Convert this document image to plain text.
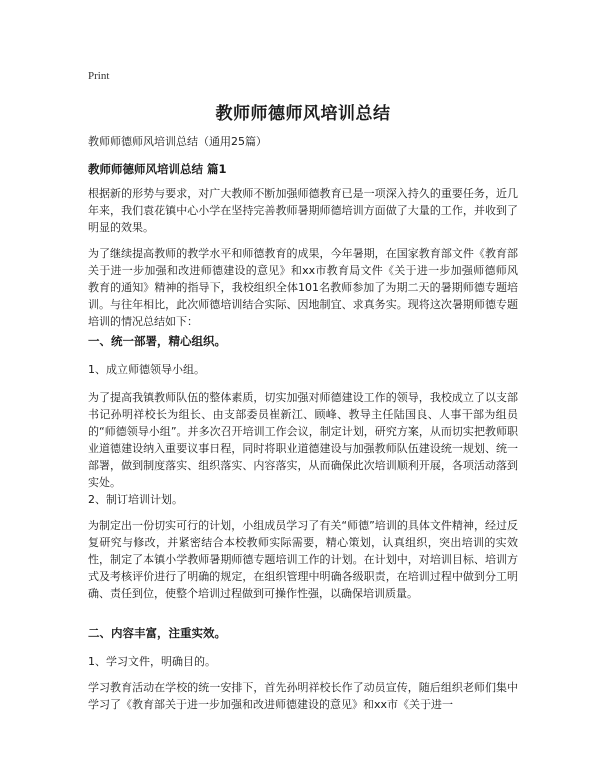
Print
教师师德师风培训总结
教师师德师风培训总结（通用25篇）
教师师德师风培训总结 篇1

根据新的形势与要求，对广大教师不断加强师德教育已是一项深入持久的重要任务，近几年来，我们袁花镇中心小学在坚持完善教师暑期师德培训方面做了大量的工作，并收到了明显的效果。

为了继续提高教师的教学水平和师德教育的成果，今年暑期，在国家教育部文件《教育部关于进一步加强和改进师德建设的意见》和xx市教育局文件《关于进一步加强师德师风教育的通知》精神的指导下，我校组织全体101名教师参加了为期二天的暑期师德专题培训。与往年相比，此次师德培训结合实际、因地制宜、求真务实。现将这次暑期师德专题培训的情况总结如下：

一、统一部署，精心组织。
1、成立师德领导小组。

为了提高我镇教师队伍的整体素质，切实加强对师德建设工作的领导，我校成立了以支部书记孙明祥校长为组长、由支部委员崔新江、顾峰、教导主任陆国良、人事干部为组员的“师德领导小组”。并多次召开培训工作会议，制定计划，研究方案，从而切实把教师职业道德建设纳入重要议事日程，同时将职业道德建设与加强教师队伍建设统一规划、统一部署，做到制度落实、组织落实、内容落实，从而确保此次培训顺利开展，各项活动落到实处。

2、制订培训计划。

为制定出一份切实可行的计划，小组成员学习了有关“师德”培训的具体文件精神，经过反复研究与修改，并紧密结合本校教师实际需要，精心策划，认真组织，突出培训的实效性，制定了本镇小学教师暑期师德专题培训工作的计划。在计划中，对培训目标、培训方式及考核评价进行了明确的规定，在组织管理中明确各级职责，在培训过程中做到分工明确、责任到位，使整个培训过程做到可操作性强，以确保培训质量。

二、内容丰富，注重实效。
1、学习文件，明确目的。

学习教育活动在学校的统一安排下，首先孙明祥校长作了动员宣传，随后组织老师们集中学习了《教育部关于进一步加强和改进师德建设的意见》和xx市《关于进一
